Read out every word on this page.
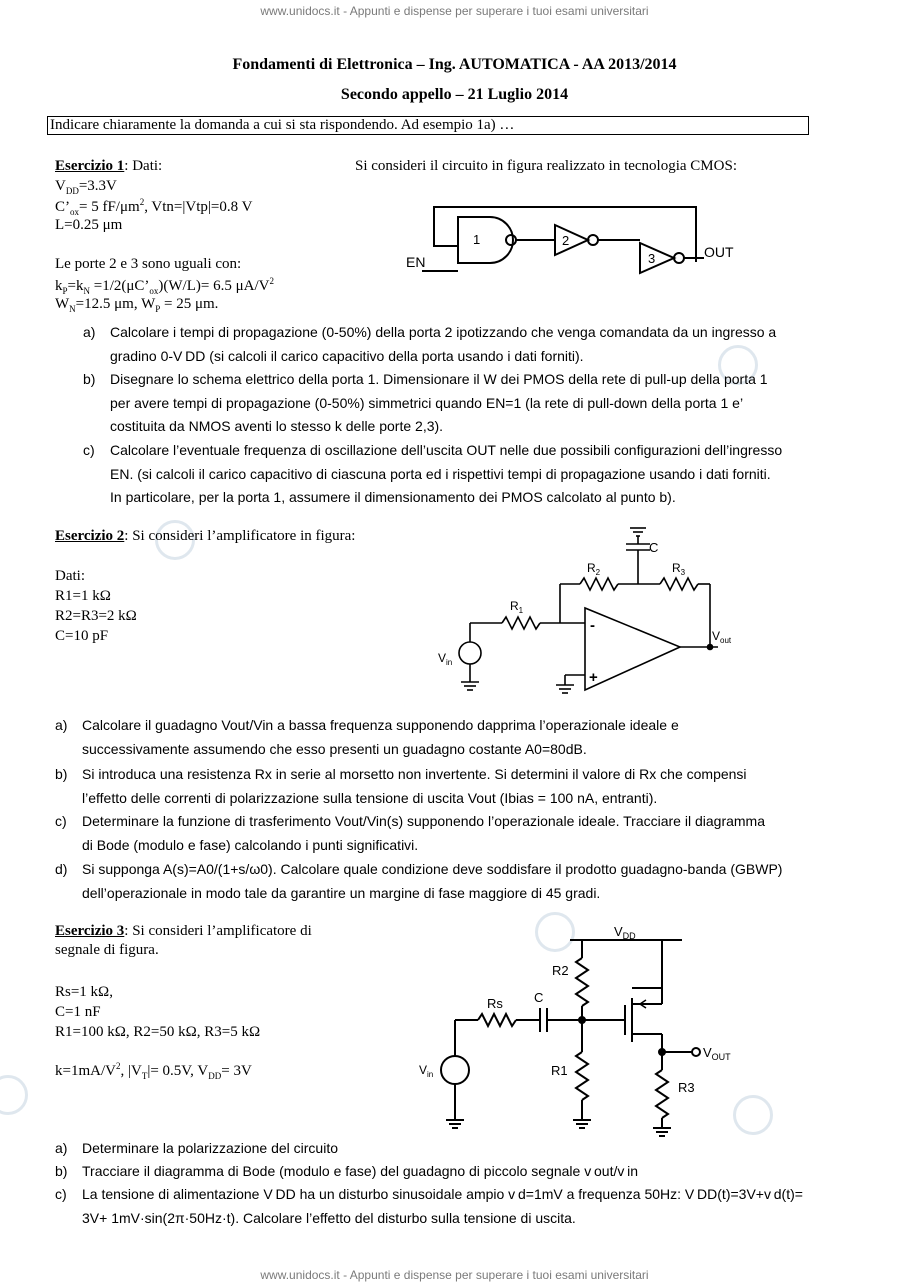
www.unidocs.it - Appunti e dispense per superare i tuoi esami universitari
www.unidocs.it - Appunti e dispense per superare i tuoi esami universitari
Fondamenti di Elettronica – Ing. AUTOMATICA - AA 2013/2014
Secondo appello – 21 Luglio 2014
Indicare chiaramente la domanda a cui si sta rispondendo. Ad esempio 1a) …
Esercizio 1: Dati:	Si consideri il circuito in figura realizzato in tecnologia CMOS:
$V_{DD}=3.3V$
$C’_{ox}= 5$ $fF/\mu m^2$, Vtn=|Vtp|=0.8 V
L=0.25 μm
Le porte 2 e 3 sono uguali con:
$k_P=k_N$ $=1/2(\mu C’_{ox})(W/L)= 6.5$ $\mu A/V^2$
$W_N=12.5$ μm, $W_P = 25$ μm.
EN
OUT
1	2
3
a) Calcolare i tempi di propagazione (0-50%) della porta 2 ipotizzando che venga comandata da un ingresso a
gradino 0-V DD (si calcoli il carico capacitivo della porta usando i dati forniti).
b) Disegnare lo schema elettrico della porta 1. Dimensionare il W dei PMOS della rete di pull-up della porta 1
per avere tempi di propagazione (0-50%) simmetrici quando EN=1 (la rete di pull-down della porta 1 e’
costituita da NMOS aventi lo stesso k delle porte 2,3).
c) Calcolare l’eventuale frequenza di oscillazione dell’uscita OUT nelle due possibili configurazioni dell’ingresso
EN. (si calcoli il carico capacitivo di ciascuna porta ed i rispettivi tempi di propagazione usando i dati forniti.
In particolare, per la porta 1, assumere il dimensionamento dei PMOS calcolato al punto b).
Esercizio 2: Si consideri l’amplificatore in figura:
Dati:
R1=1 kΩ
R2=R3=2 kΩ
C=10 pF
C
$R_2$	$R_3$
$R_1$
$V_{out}$
$V_{in}$
-
+
a) Calcolare il guadagno Vout/Vin a bassa frequenza supponendo dapprima l’operazionale ideale e
successivamente assumendo che esso presenti un guadagno costante A0=80dB.
b) Si introduca una resistenza Rx in serie al morsetto non invertente. Si determini il valore di Rx che compensi
l’effetto delle correnti di polarizzazione sulla tensione di uscita Vout (Ibias = 100 nA, entranti).
c) Determinare la funzione di trasferimento Vout/Vin(s) supponendo l’operazionale ideale. Tracciare il diagramma
di Bode (modulo e fase) calcolando i punti significativi.
d) Si supponga A(s)=A0/(1+s/ω0). Calcolare quale condizione deve soddisfare il prodotto guadagno-banda (GBWP)
dell’operazionale in modo tale da garantire un margine di fase maggiore di 45 gradi.
Esercizio 3: Si consideri l’amplificatore di
segnale di figura.
Rs=1 kΩ,
C=1 nF
R1=100 kΩ, R2=50 kΩ, R3=5 kΩ
$k=1mA/V^2$, $|V_T|= 0.5V$, $V_{DD}= 3V$
$V_{DD}$
R2
Rs C
R1
R3
$V_{in}$
$V_{OUT}$
a) Determinare la polarizzazione del circuito
b) Tracciare il diagramma di Bode (modulo e fase) del guadagno di piccolo segnale v out/v in
c) La tensione di alimentazione V DD ha un disturbo sinusoidale ampio v d=1mV a frequenza 50Hz: V DD(t)=3V+v d(t)=
3V+ 1mV·sin(2π·50Hz·t). Calcolare l’effetto del disturbo sulla tensione di uscita.
